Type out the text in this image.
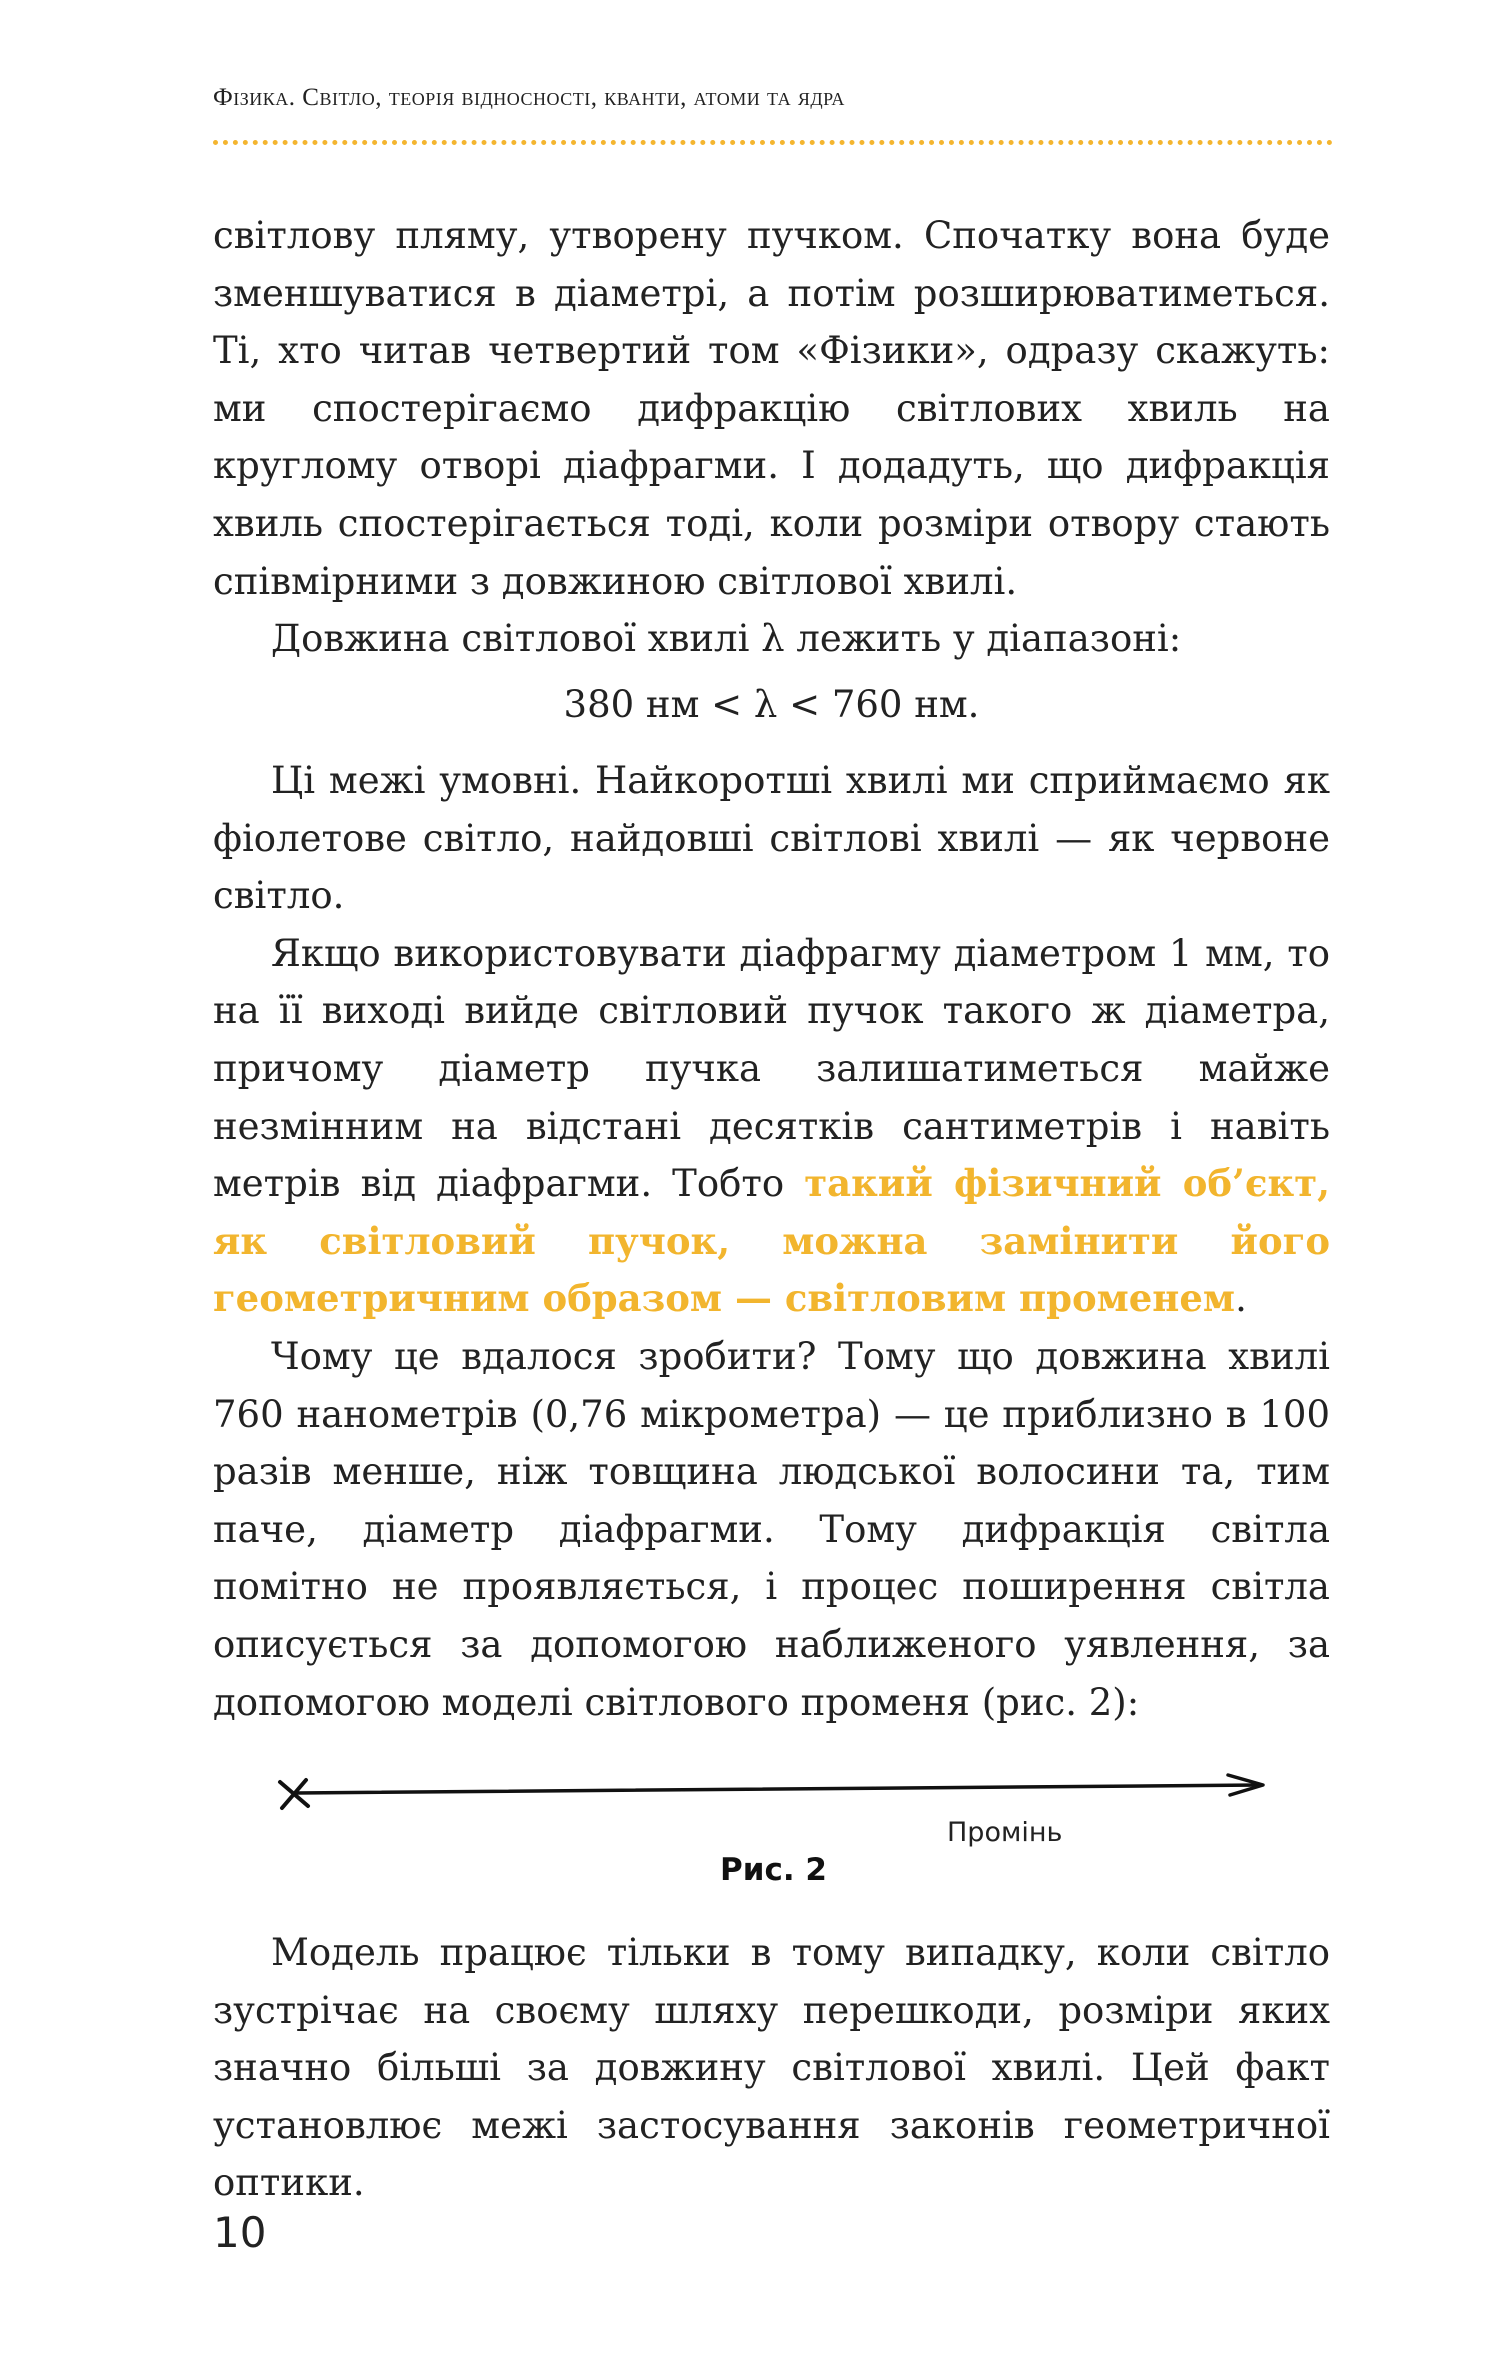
Фізика. Світло, теорія відносності, кванти, атоми та ядра

світлову пляму, утворену пучком. Спочатку вона буде зменшуватися в діаметрі, а потім розширюватиметься. Ті, хто читав четвертий том «Фізики», одразу скажуть: ми спостерігаємо дифракцію світлових хвиль на круглому отворі діафрагми. І додадуть, що дифракція хвиль спостерігається тоді, коли розміри отвору стають співмірними з довжиною світлової хвилі.

Довжина світлової хвилі λ лежить у діапазоні:

380 нм < λ < 760 нм.

Ці межі умовні. Найкоротші хвилі ми сприймаємо як фіолетове світло, найдовші світлові хвилі — як червоне світло.

Якщо використовувати діафрагму діаметром 1 мм, то на її виході вийде світловий пучок такого ж діаметра, причому діаметр пучка залишатиметься майже незмінним на відстані десятків сантиметрів і навіть метрів від діафрагми. Тобто такий фізичний об’єкт, як світловий пучок, можна замінити його геометричним образом — світловим променем.

Чому це вдалося зробити? Тому що довжина хвилі 760 нанометрів (0,76 мікрометра) — це приблизно в 100 разів менше, ніж товщина людської волосини та, тим паче, діаметр діафрагми. Тому дифракція світла помітно не проявляється, і процес поширення світла описується за допомогою наближеного уявлення, за допомогою моделі світлового променя (рис. 2):

Промінь
Рис. 2

Модель працює тільки в тому випадку, коли світло зустрічає на своєму шляху перешкоди, розміри яких значно більші за довжину світлової хвилі. Цей факт установлює межі застосування законів геометричної оптики.

10
